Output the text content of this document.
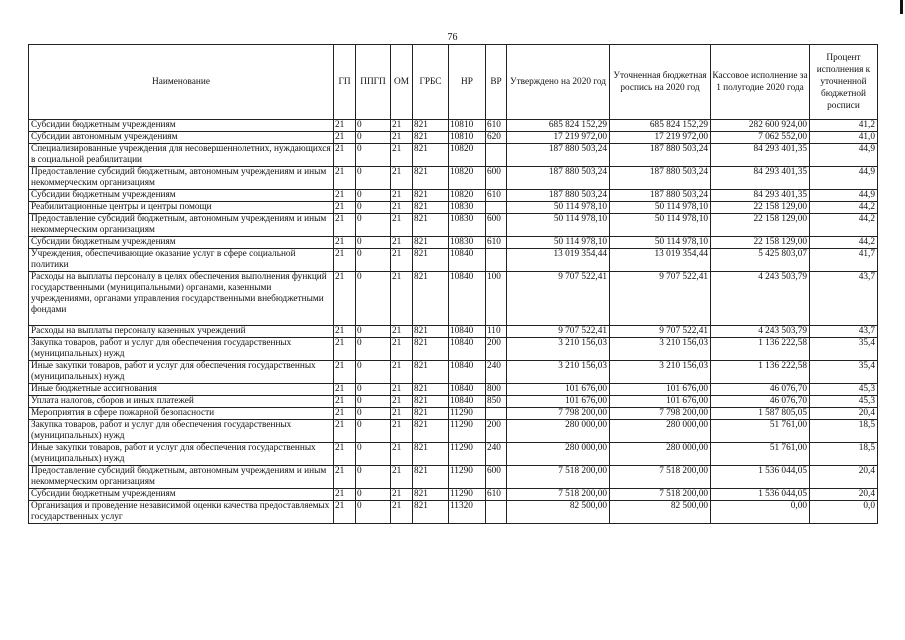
76
Наименование	ГП	ППГП	ОМ	ГРБС	НР	ВР	Утверждено на 2020 год	Уточненная бюджетная роспись на 2020 год	Кассовое исполнение за 1 полугодие 2020 года	Процент исполнения к уточненной бюджетной росписи
Субсидии бюджетным учреждениям	21	0	21	821	10810	610	685 824 152,29	685 824 152,29	282 600 924,00	41,2
Субсидии автономным учреждениям	21	0	21	821	10810	620	17 219 972,00	17 219 972,00	7 062 552,00	41,0
Специализированные учреждения для несовершеннолетних, нуждающихся в социальной реабилитации	21	0	21	821	10820		187 880 503,24	187 880 503,24	84 293 401,35	44,9
Предоставление субсидий бюджетным, автономным учреждениям и иным некоммерческим организациям	21	0	21	821	10820	600	187 880 503,24	187 880 503,24	84 293 401,35	44,9
Субсидии бюджетным учреждениям	21	0	21	821	10820	610	187 880 503,24	187 880 503,24	84 293 401,35	44,9
Реабилитационные центры и центры помощи	21	0	21	821	10830		50 114 978,10	50 114 978,10	22 158 129,00	44,2
Предоставление субсидий бюджетным, автономным учреждениям и иным некоммерческим организациям	21	0	21	821	10830	600	50 114 978,10	50 114 978,10	22 158 129,00	44,2
Субсидии бюджетным учреждениям	21	0	21	821	10830	610	50 114 978,10	50 114 978,10	22 158 129,00	44,2
Учреждения, обеспечивающие оказание услуг в сфере социальной политики	21	0	21	821	10840		13 019 354,44	13 019 354,44	5 425 803,07	41,7
Расходы на выплаты персоналу в целях обеспечения выполнения функций государственными (муниципальными) органами, казенными учреждениями, органами управления государственными внебюджетными фондами	21	0	21	821	10840	100	9 707 522,41	9 707 522,41	4 243 503,79	43,7
Расходы на выплаты персоналу казенных учреждений	21	0	21	821	10840	110	9 707 522,41	9 707 522,41	4 243 503,79	43,7
Закупка товаров, работ и услуг для обеспечения государственных (муниципальных) нужд	21	0	21	821	10840	200	3 210 156,03	3 210 156,03	1 136 222,58	35,4
Иные закупки товаров, работ и услуг для обеспечения государственных (муниципальных) нужд	21	0	21	821	10840	240	3 210 156,03	3 210 156,03	1 136 222,58	35,4
Иные бюджетные ассигнования	21	0	21	821	10840	800	101 676,00	101 676,00	46 076,70	45,3
Уплата налогов, сборов и иных платежей	21	0	21	821	10840	850	101 676,00	101 676,00	46 076,70	45,3
Мероприятия в сфере пожарной безопасности	21	0	21	821	11290		7 798 200,00	7 798 200,00	1 587 805,05	20,4
Закупка товаров, работ и услуг для обеспечения государственных (муниципальных) нужд	21	0	21	821	11290	200	280 000,00	280 000,00	51 761,00	18,5
Иные закупки товаров, работ и услуг для обеспечения государственных (муниципальных) нужд	21	0	21	821	11290	240	280 000,00	280 000,00	51 761,00	18,5
Предоставление субсидий бюджетным, автономным учреждениям и иным некоммерческим организациям	21	0	21	821	11290	600	7 518 200,00	7 518 200,00	1 536 044,05	20,4
Субсидии бюджетным учреждениям	21	0	21	821	11290	610	7 518 200,00	7 518 200,00	1 536 044,05	20,4
Организация и проведение независимой оценки качества предоставляемых государственных услуг	21	0	21	821	11320		82 500,00	82 500,00	0,00	0,0
